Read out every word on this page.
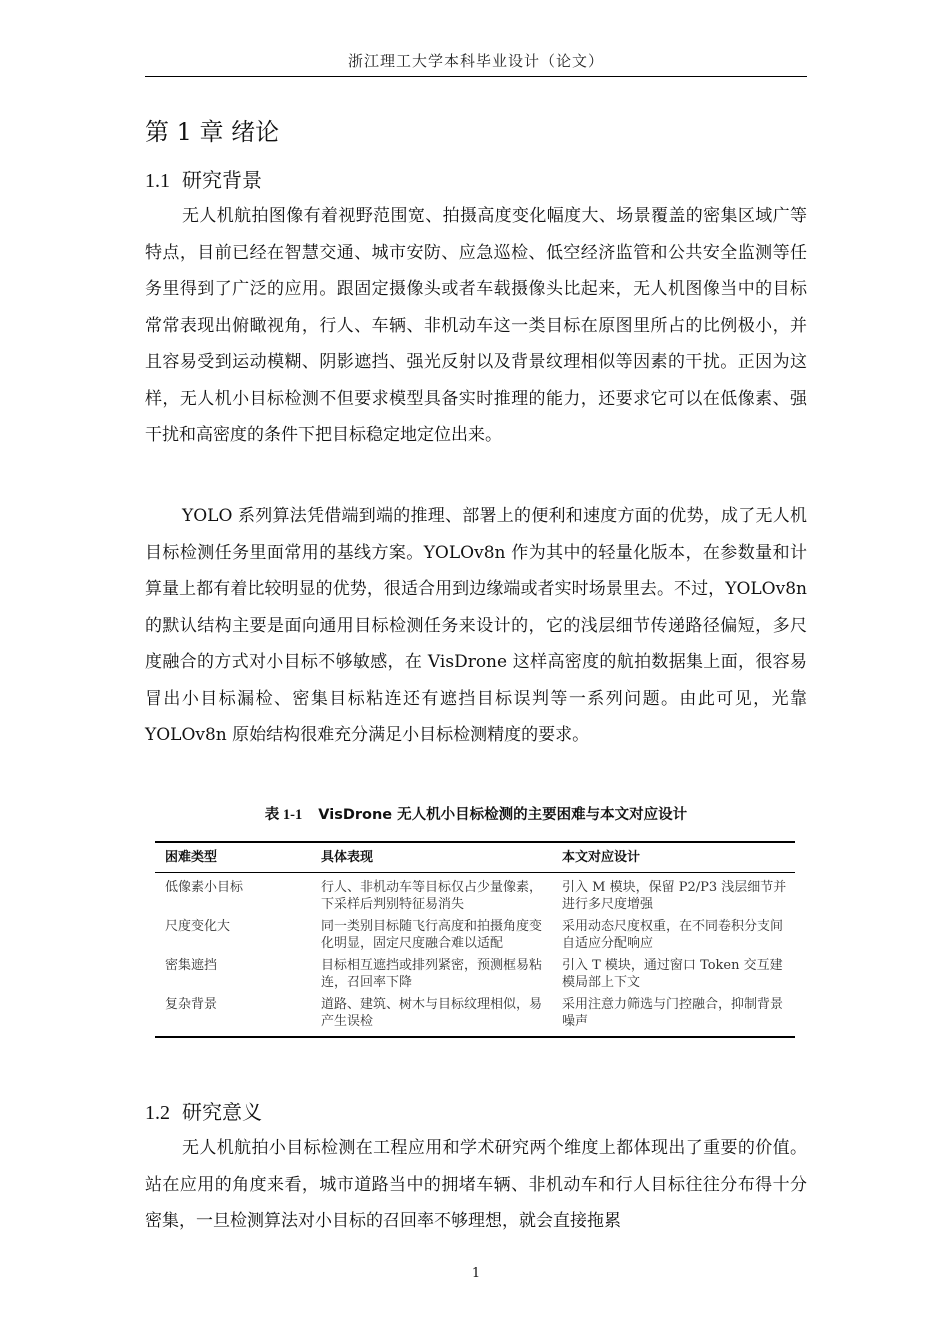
浙江理工大学本科毕业设计（论文）
第 1 章 绪论
1.1 研究背景

无人机航拍图像有着视野范围宽、拍摄高度变化幅度大、场景覆盖的密集区域广等特点，目前已经在智慧交通、城市安防、应急巡检、低空经济监管和公共安全监测等任务里得到了广泛的应用。跟固定摄像头或者车载摄像头比起来，无人机图像当中的目标常常表现出俯瞰视角，行人、车辆、非机动车这一类目标在原图里所占的比例极小，并且容易受到运动模糊、阴影遮挡、强光反射以及背景纹理相似等因素的干扰。正因为这样，无人机小目标检测不但要求模型具备实时推理的能力，还要求它可以在低像素、强干扰和高密度的条件下把目标稳定地定位出来。

YOLO 系列算法凭借端到端的推理、部署上的便利和速度方面的优势，成了无人机目标检测任务里面常用的基线方案。YOLOv8n 作为其中的轻量化版本，在参数量和计算量上都有着比较明显的优势，很适合用到边缘端或者实时场景里去。不过，YOLOv8n 的默认结构主要是面向通用目标检测任务来设计的，它的浅层细节传递路径偏短，多尺度融合的方式对小目标不够敏感，在 VisDrone 这样高密度的航拍数据集上面，很容易冒出小目标漏检、密集目标粘连还有遮挡目标误判等一系列问题。由此可见，光靠 YOLOv8n 原始结构很难充分满足小目标检测精度的要求。

表 1-1 VisDrone 无人机小目标检测的主要困难与本文对应设计

困难类型	具体表现	本文对应设计
低像素小目标	行人、非机动车等目标仅占少量像素，下采样后判别特征易消失	引入 M 模块，保留 P2/P3 浅层细节并进行多尺度增强
尺度变化大	同一类别目标随飞行高度和拍摄角度变化明显，固定尺度融合难以适配	采用动态尺度权重，在不同卷积分支间自适应分配响应
密集遮挡	目标相互遮挡或排列紧密，预测框易粘连，召回率下降	引入 T 模块，通过窗口 Token 交互建模局部上下文
复杂背景	道路、建筑、树木与目标纹理相似，易产生误检	采用注意力筛选与门控融合，抑制背景噪声
1.2 研究意义

无人机航拍小目标检测在工程应用和学术研究两个维度上都体现出了重要的价值。站在应用的角度来看，城市道路当中的拥堵车辆、非机动车和行人目标往往分布得十分密集，一旦检测算法对小目标的召回率不够理想，就会直接拖累

1
